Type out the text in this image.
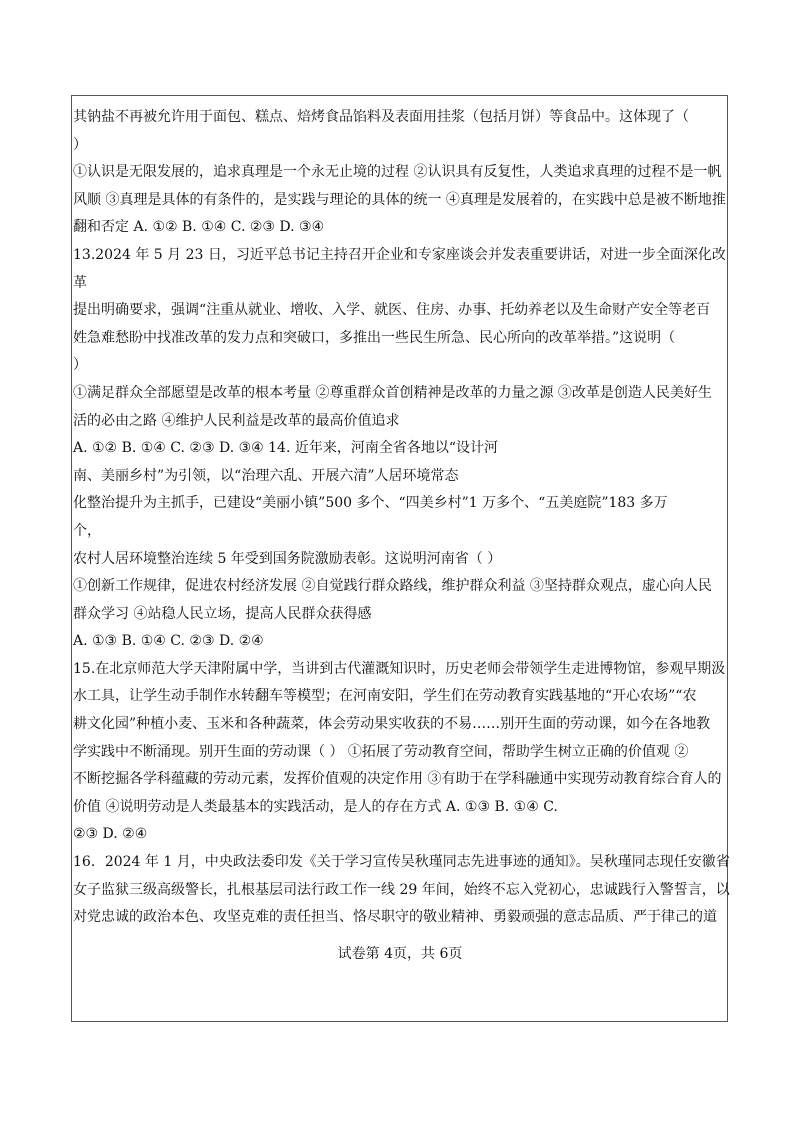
其钠盐不再被允许用于面包、糕点、焙烤食品馅料及表面用挂浆（包括月饼）等食品中。这体现了（
）
①认识是无限发展的，追求真理是一个永无止境的过程 ②认识具有反复性，人类追求真理的过程不是一帆
风顺 ③真理是具体的有条件的，是实践与理论的具体的统一 ④真理是发展着的，在实践中总是被不断地推
翻和否定 A. ①② B. ①④ C. ②③ D. ③④
13.2024 年 5 月 23 日，习近平总书记主持召开企业和专家座谈会并发表重要讲话，对进一步全面深化改
革
提出明确要求，强调“注重从就业、增收、入学、就医、住房、办事、托幼养老以及生命财产安全等老百
姓急难愁盼中找准改革的发力点和突破口，多推出一些民生所急、民心所向的改革举措。”这说明（
）
①满足群众全部愿望是改革的根本考量 ②尊重群众首创精神是改革的力量之源 ③改革是创造人民美好生
活的必由之路 ④维护人民利益是改革的最高价值追求
A. ①② B. ①④ C. ②③ D. ③④ 14. 近年来，河南全省各地以“设计河
南、美丽乡村”为引领，以“治理六乱、开展六清”人居环境常态
化整治提升为主抓手，已建设“美丽小镇”500 多个、“四美乡村”1 万多个、“五美庭院”183 多万
个，
农村人居环境整治连续 5 年受到国务院激励表彰。这说明河南省（ ）
①创新工作规律，促进农村经济发展 ②自觉践行群众路线，维护群众利益 ③坚持群众观点，虚心向人民
群众学习 ④站稳人民立场，提高人民群众获得感
A. ①③ B. ①④ C. ②③ D. ②④
15.在北京师范大学天津附属中学，当讲到古代灌溉知识时，历史老师会带领学生走进博物馆，参观早期汲
水工具，让学生动手制作水转翻车等模型；在河南安阳，学生们在劳动教育实践基地的“开心农场”“农
耕文化园”种植小麦、玉米和各种蔬菜，体会劳动果实收获的不易……别开生面的劳动课，如今在各地教
学实践中不断涌现。别开生面的劳动课（ ） ①拓展了劳动教育空间，帮助学生树立正确的价值观 ②
不断挖掘各学科蕴藏的劳动元素，发挥价值观的决定作用 ③有助于在学科融通中实现劳动教育综合育人的
价值 ④说明劳动是人类最基本的实践活动，是人的存在方式 A. ①③ B. ①④ C.
②③ D. ②④
16．2024 年 1 月，中央政法委印发《关于学习宣传吴秋瑾同志先进事迹的通知》。吴秋瑾同志现任安徽省
女子监狱三级高级警长，扎根基层司法行政工作一线 29 年间，始终不忘入党初心，忠诚践行入警誓言，以
对党忠诚的政治本色、攻坚克难的责任担当、恪尽职守的敬业精神、勇毅顽强的意志品质、严于律己的道
试卷第 4页，共 6页
